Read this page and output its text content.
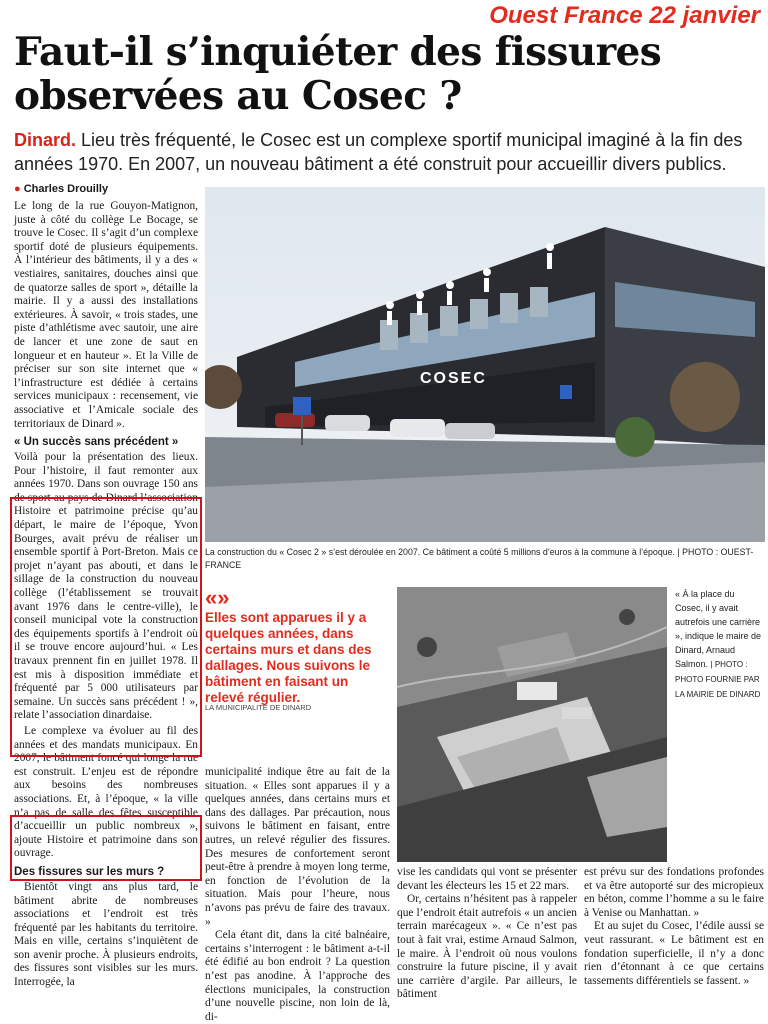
Ouest France 22 janvier
Faut-il s’inquiéter des fissures observées au Cosec ?
Dinard. Lieu très fréquenté, le Cosec est un complexe sportif municipal imaginé à la fin des années 1970. En 2007, un nouveau bâtiment a été construit pour accueillir divers publics.
● Charles Drouilly

Le long de la rue Gouyon-Matignon, juste à côté du collège Le Bocage, se trouve le Cosec. Il s’agit d’un complexe sportif doté de plusieurs équipements. À l’intérieur des bâtiments, il y a des « vestiaires, sanitaires, douches ainsi que de quatorze salles de sport », détaille la mairie. Il y a aussi des installations extérieures. À savoir, « trois stades, une piste d’athlétisme avec sautoir, une aire de lancer et une zone de saut en longueur et en hauteur ». Et la Ville de préciser sur son site internet que « l’infrastructure est dédiée à certains services municipaux : recensement, vie associative et l’Amicale sociale des territoriaux de Dinard ».

« Un succès sans précédent »

Voilà pour la présentation des lieux. Pour l’histoire, il faut remonter aux années 1970. Dans son ouvrage 150 ans de sport au pays de Dinard l’association Histoire et patrimoine précise qu’au départ, le maire de l’époque, Yvon Bourges, avait prévu de réaliser un ensemble sportif à Port-Breton. Mais ce projet n’ayant pas abouti, et dans le sillage de la construction du nouveau collège (l’établissement se trouvait avant 1976 dans le centre-ville), le conseil municipal vote la construction des équipements sportifs à l’endroit où il se trouve encore aujourd’hui. « Les travaux prennent fin en juillet 1978. Il est mis à disposition immédiate et fréquenté par 5 000 utilisateurs par semaine. Un succès sans précédent ! », relate l’association dinardaise.

Le complexe va évoluer au fil des années et des mandats municipaux. En 2007, le bâtiment foncé qui longe la rue est construit. L’enjeu est de répondre aux besoins des nombreuses associations. Et, à l’époque, « la ville n’a pas de salle des fêtes susceptible d’accueillir un public nombreux », ajoute Histoire et patrimoine dans son ouvrage.

Des fissures sur les murs ?

Bientôt vingt ans plus tard, le bâtiment abrite de nombreuses associations et l’endroit est très fréquenté par les habitants du territoire. Mais en ville, certains s’inquiètent de son avenir proche. À plusieurs endroits, des fissures sont visibles sur les murs. Interrogée, la

COSEC
La construction du « Cosec 2 » s’est déroulée en 2007. Ce bâtiment a coûté 5 millions d’euros à la commune à l’époque. | PHOTO : OUEST-FRANCE
«»
Elles sont apparues il y a quelques années, dans certains murs et dans des dallages. Nous suivons le bâtiment en faisant un relevé régulier.
LA MUNICIPALITÉ DE DINARD
« À la place du Cosec, il y avait autrefois une carrière », indique le maire de Dinard, Arnaud Salmon. | PHOTO : PHOTO FOURNIE PAR LA MAIRIE DE DINARD

municipalité indique être au fait de la situation. « Elles sont apparues il y a quelques années, dans certains murs et dans des dallages. Par précaution, nous suivons le bâtiment en faisant, entre autres, un relevé régulier des fissures. Des mesures de confortement seront peut-être à prendre à moyen long terme, en fonction de l’évolution de la situation. Mais pour l’heure, nous n’avons pas prévu de faire des travaux. »

Cela étant dit, dans la cité balnéaire, certains s’interrogent : le bâtiment a-t-il été édifié au bon endroit ? La question n’est pas anodine. À l’approche des élections municipales, la construction d’une nouvelle piscine, non loin de là, di-

vise les candidats qui vont se présenter devant les électeurs les 15 et 22 mars.

Or, certains n’hésitent pas à rappeler que l’endroit était autrefois « un ancien terrain marécageux ». « Ce n’est pas tout à fait vrai, estime Arnaud Salmon, le maire. À l’endroit où nous voulons construire la future piscine, il y avait une carrière d’argile. Par ailleurs, le bâtiment

est prévu sur des fondations profondes et va être autoporté sur des micropieux en béton, comme l’homme a su le faire à Venise ou Manhattan. »

Et au sujet du Cosec, l’édile aussi se veut rassurant. « Le bâtiment est en fondation superficielle, il n’y a donc rien d’étonnant à ce que certains tassements différentiels se fassent. »
